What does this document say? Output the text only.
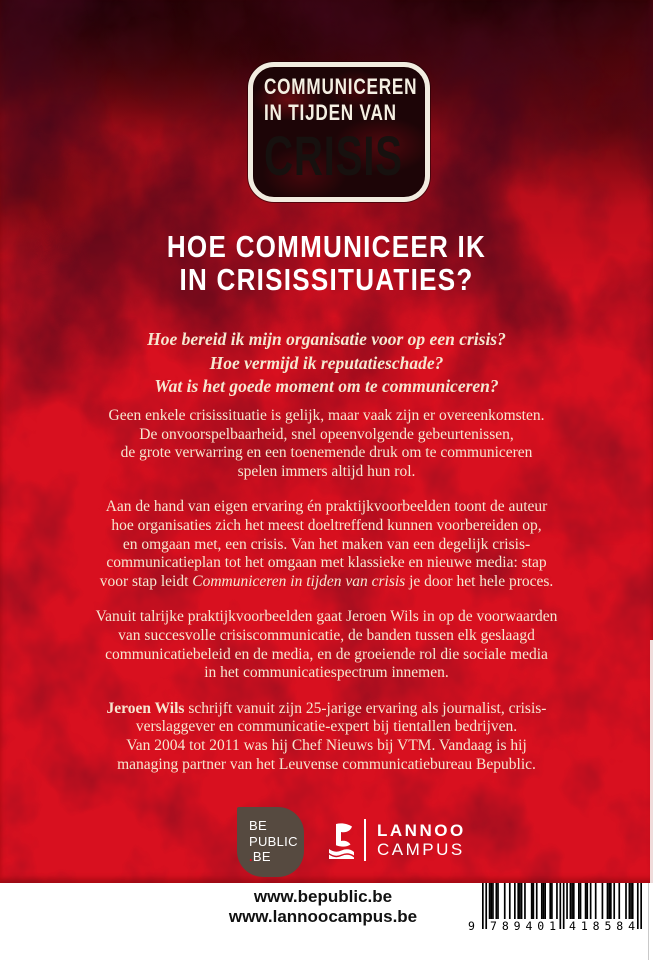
COMMUNICEREN
IN TIJDEN VAN
CRISIS
HOE COMMUNICEER IK
IN CRISISSITUATIES?
Hoe bereid ik mijn organisatie voor op een crisis?
Hoe vermijd ik reputatieschade?
Wat is het goede moment om te communiceren?
Geen enkele crisissituatie is gelijk, maar vaak zijn er overeenkomsten.
De onvoorspelbaarheid, snel opeenvolgende gebeurtenissen,
de grote verwarring en een toenemende druk om te communiceren
spelen immers altijd hun rol.
Aan de hand van eigen ervaring én praktijkvoorbeelden toont de auteur
hoe organisaties zich het meest doeltreffend kunnen voorbereiden op,
en omgaan met, een crisis. Van het maken van een degelijk crisis-
communicatieplan tot het omgaan met klassieke en nieuwe media: stap
voor stap leidt Communiceren in tijden van crisis je door het hele proces.
Vanuit talrijke praktijkvoorbeelden gaat Jeroen Wils in op de voorwaarden
van succesvolle crisiscommunicatie, de banden tussen elk geslaagd
communicatiebeleid en de media, en de groeiende rol die sociale media
in het communicatiespectrum innemen.
Jeroen Wils schrijft vanuit zijn 25-jarige ervaring als journalist, crisis-
verslaggever en communicatie-expert bij tientallen bedrijven.
Van 2004 tot 2011 was hij Chef Nieuws bij VTM. Vandaag is hij
managing partner van het Leuvense communicatiebureau Bepublic.
BE
PUBLIC
.BE
LANNOO
CAMPUS
www.bepublic.be
www.lannoocampus.be	9	7 8 9 4 0 1 4 1 8 5 8 4
